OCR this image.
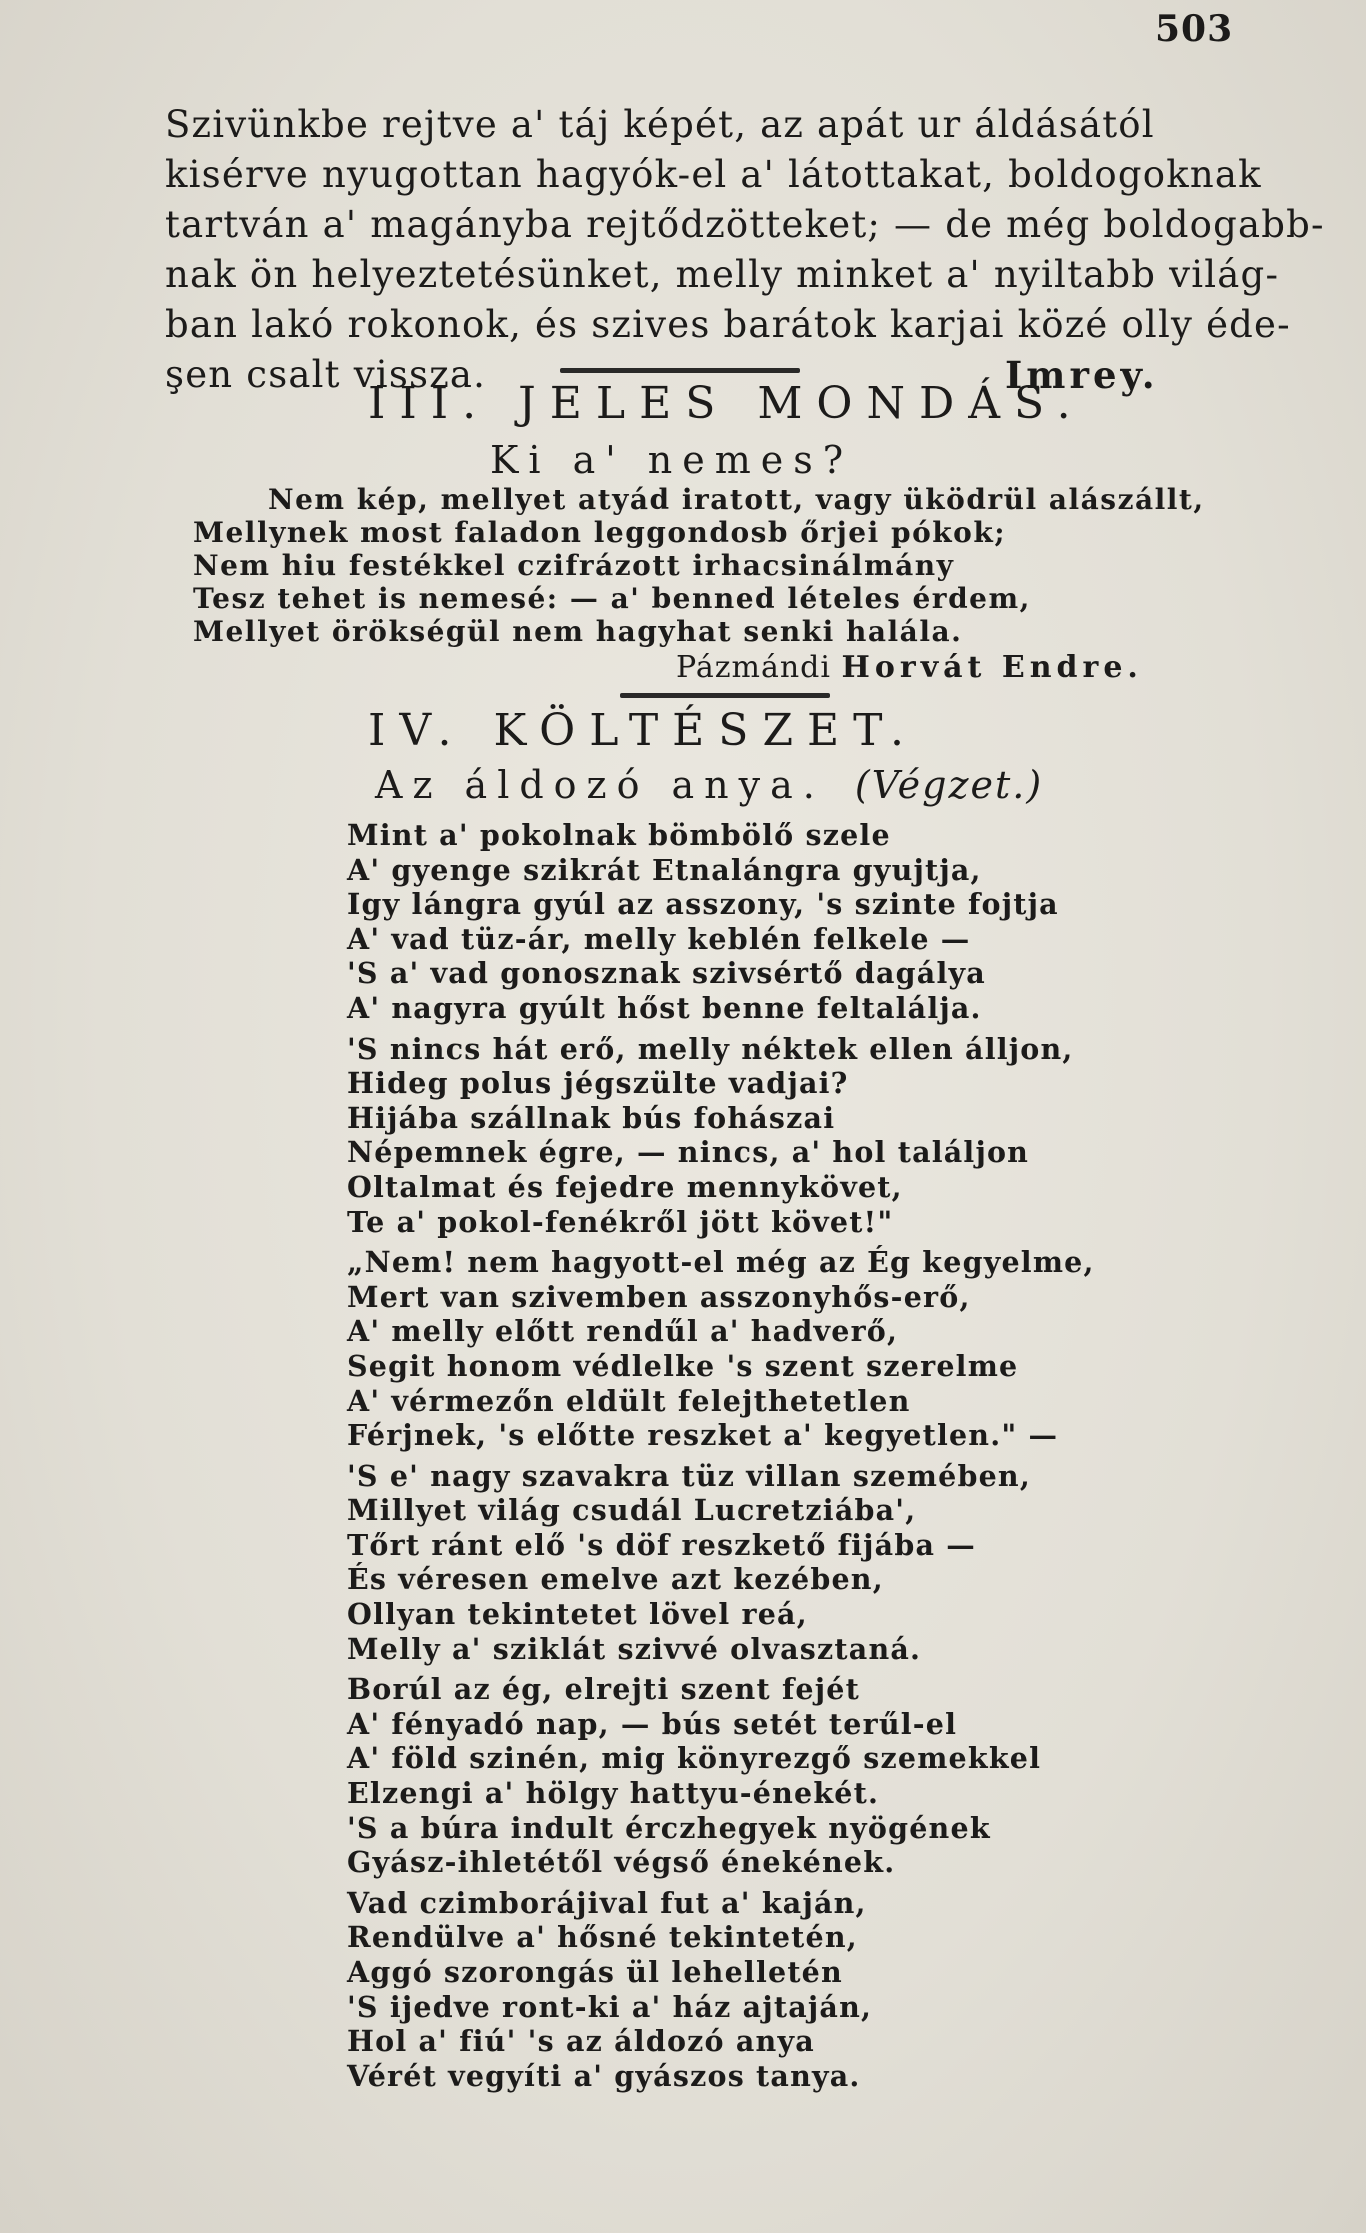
503
Szivünkbe rejtve a' táj képét, az apát ur áldásától
kisérve nyugottan hagyók-el a' látottakat, boldogoknak
tartván a' magányba rejtődzötteket; — de még boldogabb-
nak ön helyeztetésünket, melly minket a' nyiltabb világ-
ban lakó rokonok, és szives barátok karjai közé olly éde-
şen csalt vissza.	Imrey.
III. JELES MONDÁS.
Ki a' nemes?
Nem kép, mellyet atyád iratott, vagy üködrül alászállt,
Mellynek most faladon leggondosb őrjei pókok;
Nem hiu festékkel czifrázott irhacsinálmány
Tesz tehet is nemesé: — a' benned lételes érdem,
Mellyet örökségül nem hagyhat senki halála.
Pázmándi Horvát Endre.
IV. KÖLTÉSZET.
Az áldozó anya. (Végzet.)
Mint a' pokolnak bömbölő szele
A' gyenge szikrát Etnalángra gyujtja,
Igy lángra gyúl az asszony, 's szinte fojtja
A' vad tüz-ár, melly keblén felkele —
'S a' vad gonosznak szivsértő dagálya
A' nagyra gyúlt hőst benne feltalálja.
'S nincs hát erő, melly néktek ellen álljon,
Hideg polus jégszülte vadjai?
Hijába szállnak bús fohászai
Népemnek égre, — nincs, a' hol találjon
Oltalmat és fejedre mennykövet,
Te a' pokol-fenékről jött követ!"
„Nem! nem hagyott-el még az Ég kegyelme,
Mert van szivemben asszonyhős-erő,
A' melly előtt rendűl a' hadverő,
Segit honom védlelke 's szent szerelme
A' vérmezőn eldült felejthetetlen
Férjnek, 's előtte reszket a' kegyetlen." —
'S e' nagy szavakra tüz villan szemében,
Millyet világ csudál Lucretziába',
Tőrt ránt elő 's döf reszkető fijába —
És véresen emelve azt kezében,
Ollyan tekintetet lövel reá,
Melly a' sziklát szivvé olvasztaná.
Borúl az ég, elrejti szent fejét
A' fényadó nap, — bús setét terűl-el
A' föld szinén, mig könyrezgő szemekkel
Elzengi a' hölgy hattyu-énekét.
'S a búra indult érczhegyek nyögének
Gyász-ihletétől végső énekének.
Vad czimborájival fut a' kaján,
Rendülve a' hősné tekintetén,
Aggó szorongás ül lehelletén
'S ijedve ront-ki a' ház ajtaján,
Hol a' fiú' 's az áldozó anya
Vérét vegyíti a' gyászos tanya.
